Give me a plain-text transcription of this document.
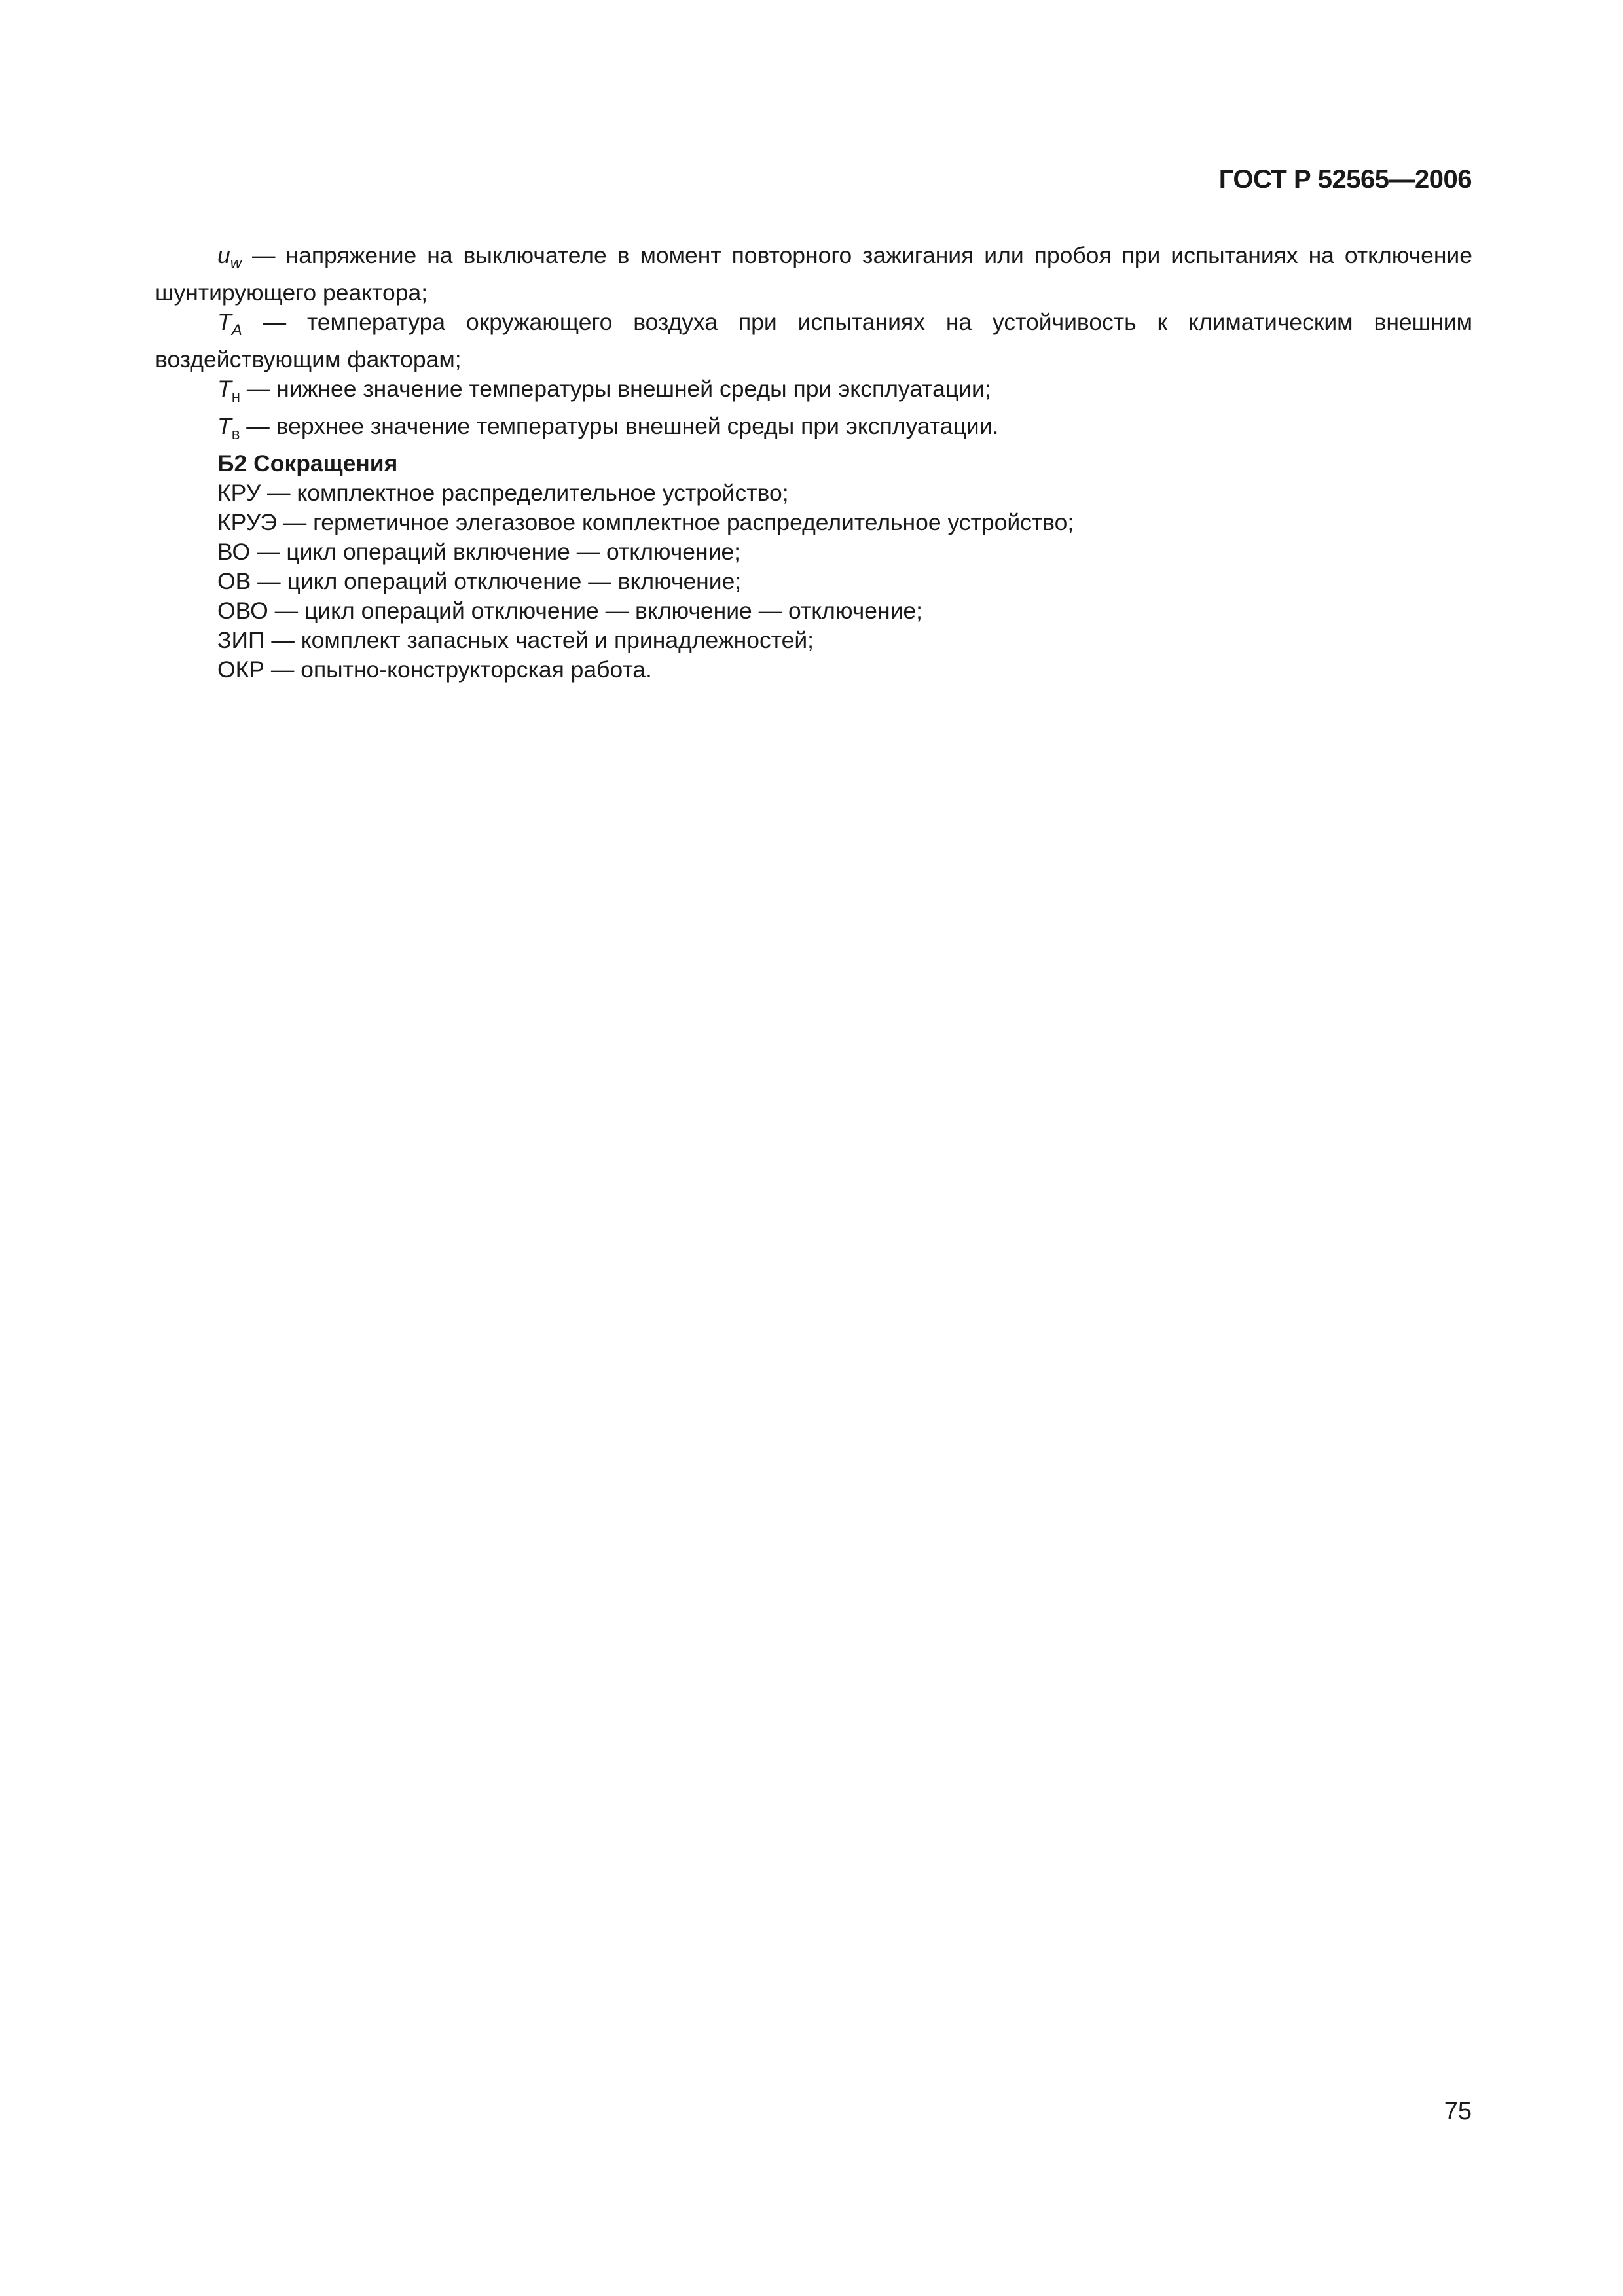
ГОСТ Р 52565—2006

$u_w$ — напряжение на выключателе в момент повторного зажигания или пробоя при испытаниях на отключение шунтирующего реактора;

$T_A$ — температура окружающего воздуха при испытаниях на устойчивость к климатическим внешним воздействующим факторам;

$T_н$ — нижнее значение температуры внешней среды при эксплуатации;

$T_в$ — верхнее значение температуры внешней среды при эксплуатации.

Б2 Сокращения

КРУ — комплектное распределительное устройство;

КРУЭ — герметичное элегазовое комплектное распределительное устройство;

ВО — цикл операций включение — отключение;

ОВ — цикл операций отключение — включение;

ОВО — цикл операций отключение — включение — отключение;

ЗИП — комплект запасных частей и принадлежностей;

ОКР — опытно-конструкторская работа.

75
